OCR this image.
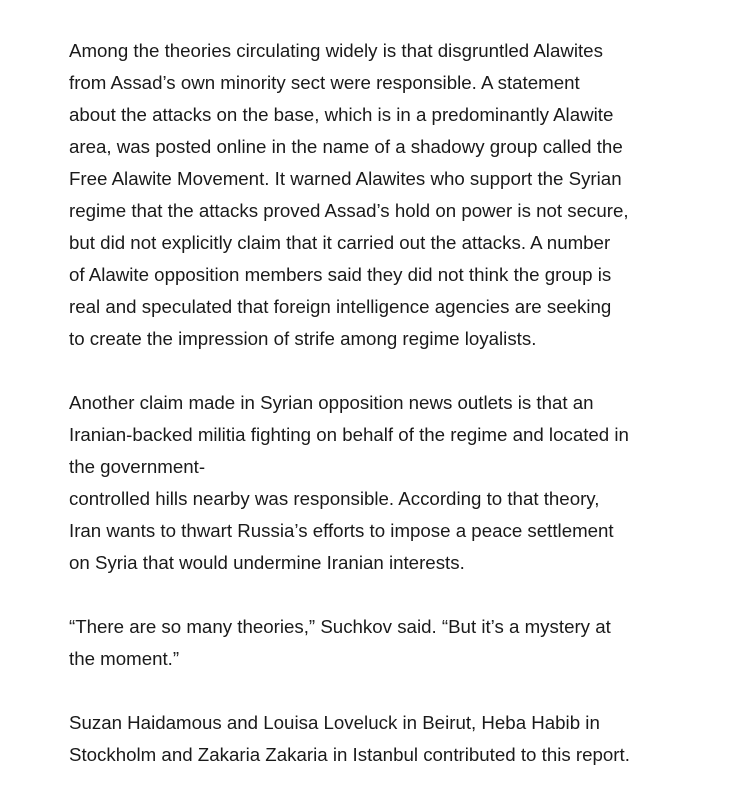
Among the theories circulating widely is that disgruntled Alawites
from Assad’s own minority sect were responsible. A statement
about the attacks on the base, which is in a predominantly Alawite
area, was posted online in the name of a shadowy group called the
Free Alawite Movement. It warned Alawites who support the Syrian
regime that the attacks proved Assad’s hold on power is not secure,
but did not explicitly claim that it carried out the attacks. A number
of Alawite opposition members said they did not think the group is
real and speculated that foreign intelligence agencies are seeking
to create the impression of strife among regime loyalists.

Another claim made in Syrian opposition news outlets is that an
Iranian-backed militia fighting on behalf of the regime and located in
the government-
controlled hills nearby was responsible. According to that theory,
Iran wants to thwart Russia’s efforts to impose a peace settlement
on Syria that would undermine Iranian interests.

“There are so many theories,” Suchkov said. “But it’s a mystery at
the moment.”

Suzan Haidamous and Louisa Loveluck in Beirut, Heba Habib in
Stockholm and Zakaria Zakaria in Istanbul contributed to this report.
